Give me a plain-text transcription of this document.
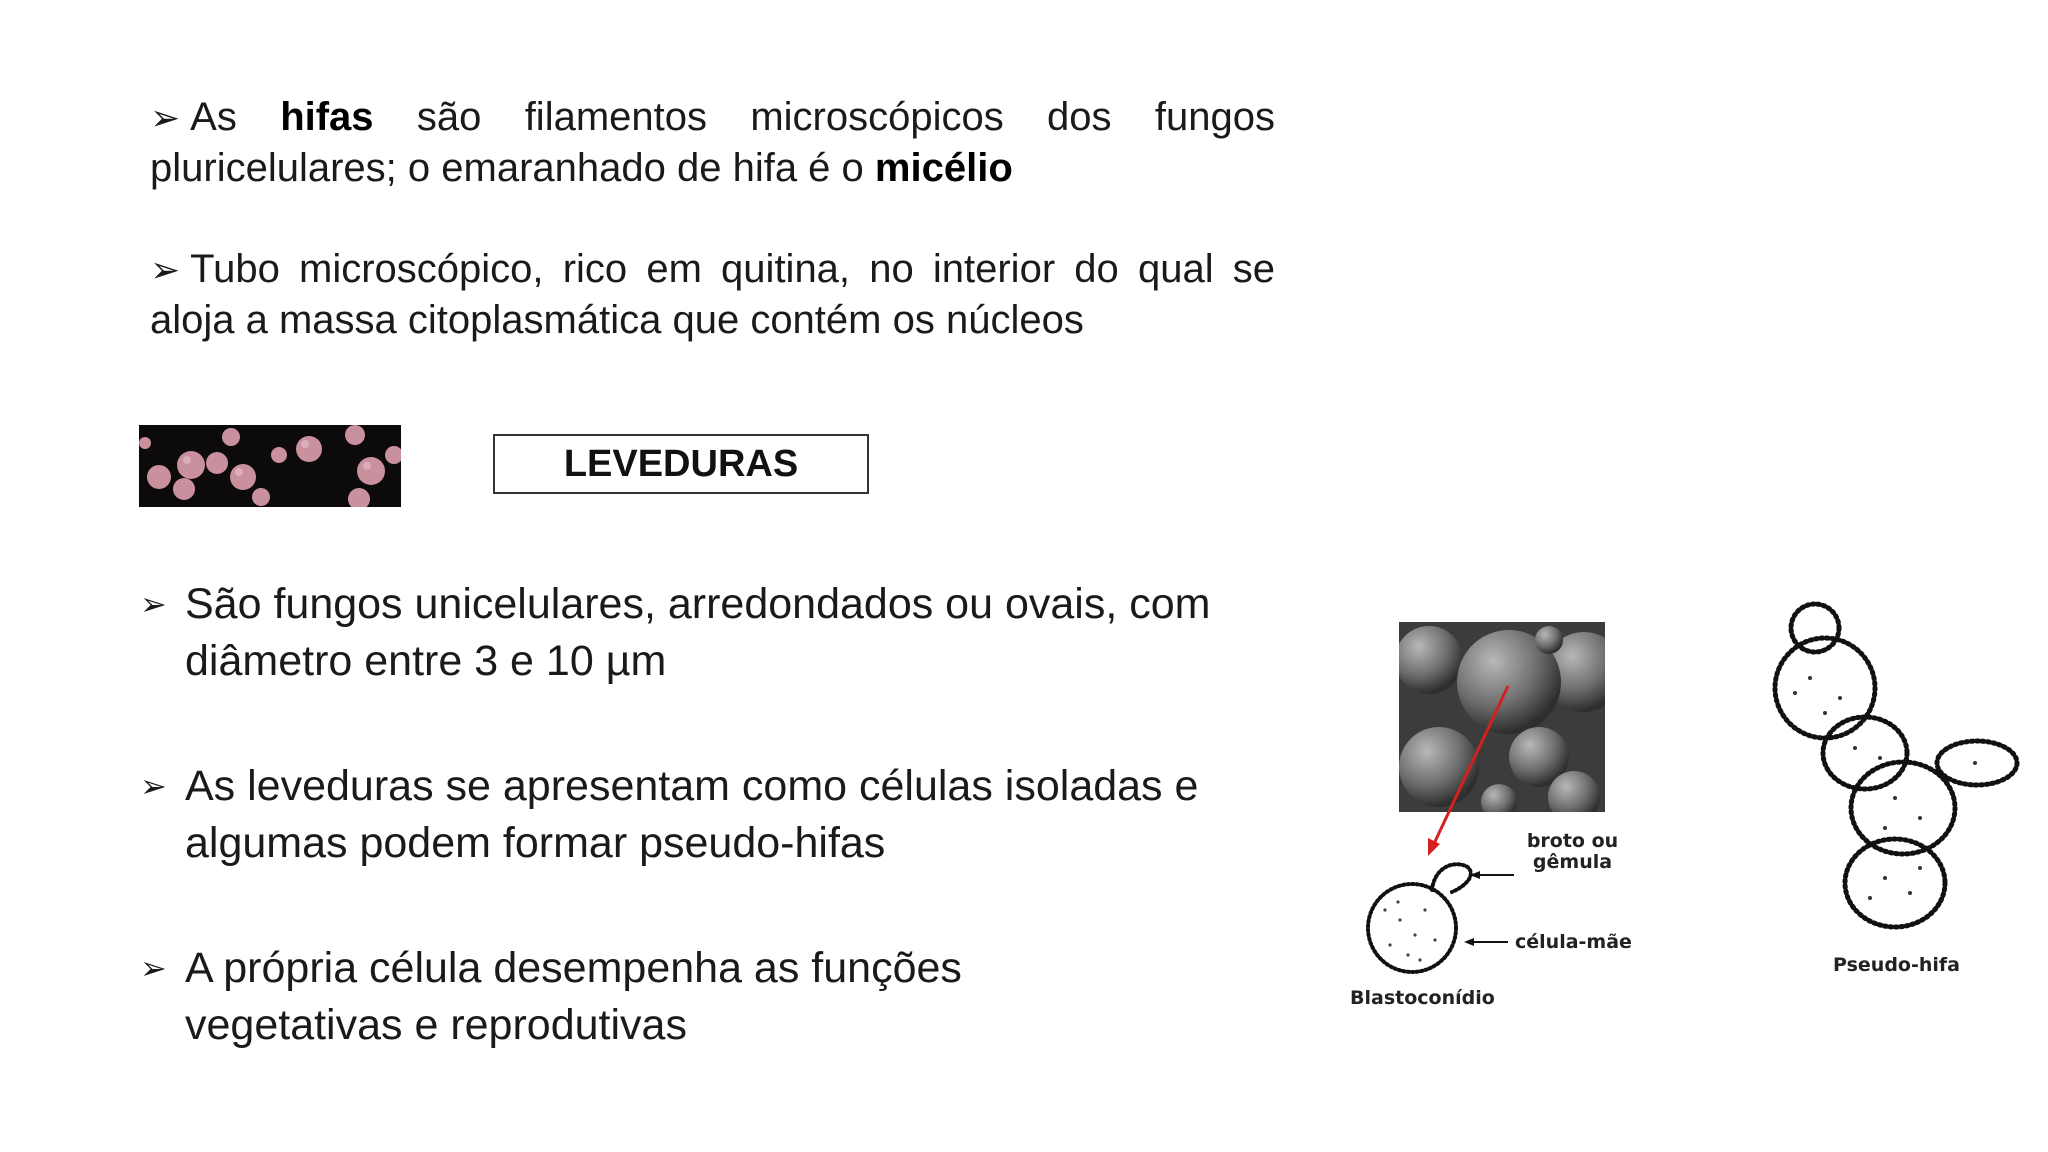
➢ As hifas são filamentos microscópicos dos fungos pluricelulares; o emaranhado de hifa é o micélio

➢ Tubo microscópico, rico em quitina, no interior do qual se aloja a massa citoplasmática que contém os núcleos

LEVEDURAS
➢ São fungos unicelulares, arredondados ou ovais, com diâmetro entre 3 e 10 µm
➢ As leveduras se apresentam como células isoladas e algumas podem formar pseudo-hifas
➢ A própria célula desempenha as funções vegetativas e reprodutivas
broto ou
gêmula
célula-mãe
Blastoconídio
Pseudo-hifa
